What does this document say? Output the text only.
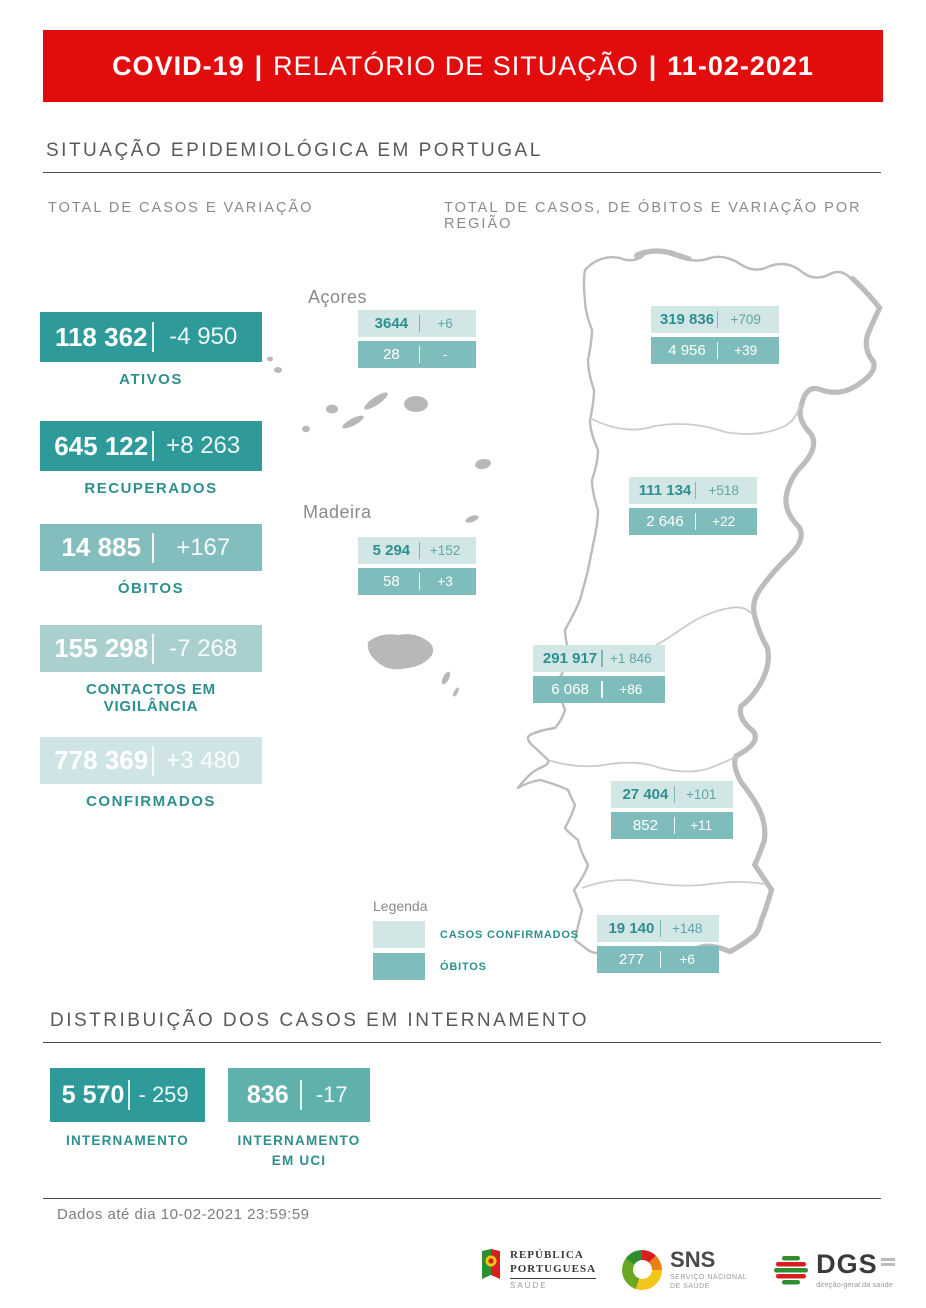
COVID-19 | RELATÓRIO DE SITUAÇÃO | 11-02-2021
SITUAÇÃO EPIDEMIOLÓGICA EM PORTUGAL
TOTAL DE CASOS E VARIAÇÃO	TOTAL DE CASOS, DE ÓBITOS E VARIAÇÃO POR REGIÃO
118 362 -4 950
ATIVOS
645 122 +8 263
RECUPERADOS
14 885	+167
ÓBITOS
155 298 -7 268
CONTACTOS EM VIGILÂNCIA
778 369 +3 480
CONFIRMADOS
Açores
Madeira
3644	+6
28	-
319 836	+709
4 956	+39
111 134	+518
2 646	+22
5 294	+152
58	+3
291 917 +1 846
6 068	+86
27 404	+101
852	+11
19 140	+148
277	+6
Legenda
CASOS CONFIRMADOS
ÓBITOS
DISTRIBUIÇÃO DOS CASOS EM INTERNAMENTO
5 570 - 259
INTERNAMENTO
836	-17
INTERNAMENTO
EM UCI
Dados até dia 10-02-2021 23:59:59
REPÚBLICA
PORTUGUESA
SAÚDE
SNS
SERVIÇO NACIONAL
DE SAÚDE
DGS
direção-geral da saúde
